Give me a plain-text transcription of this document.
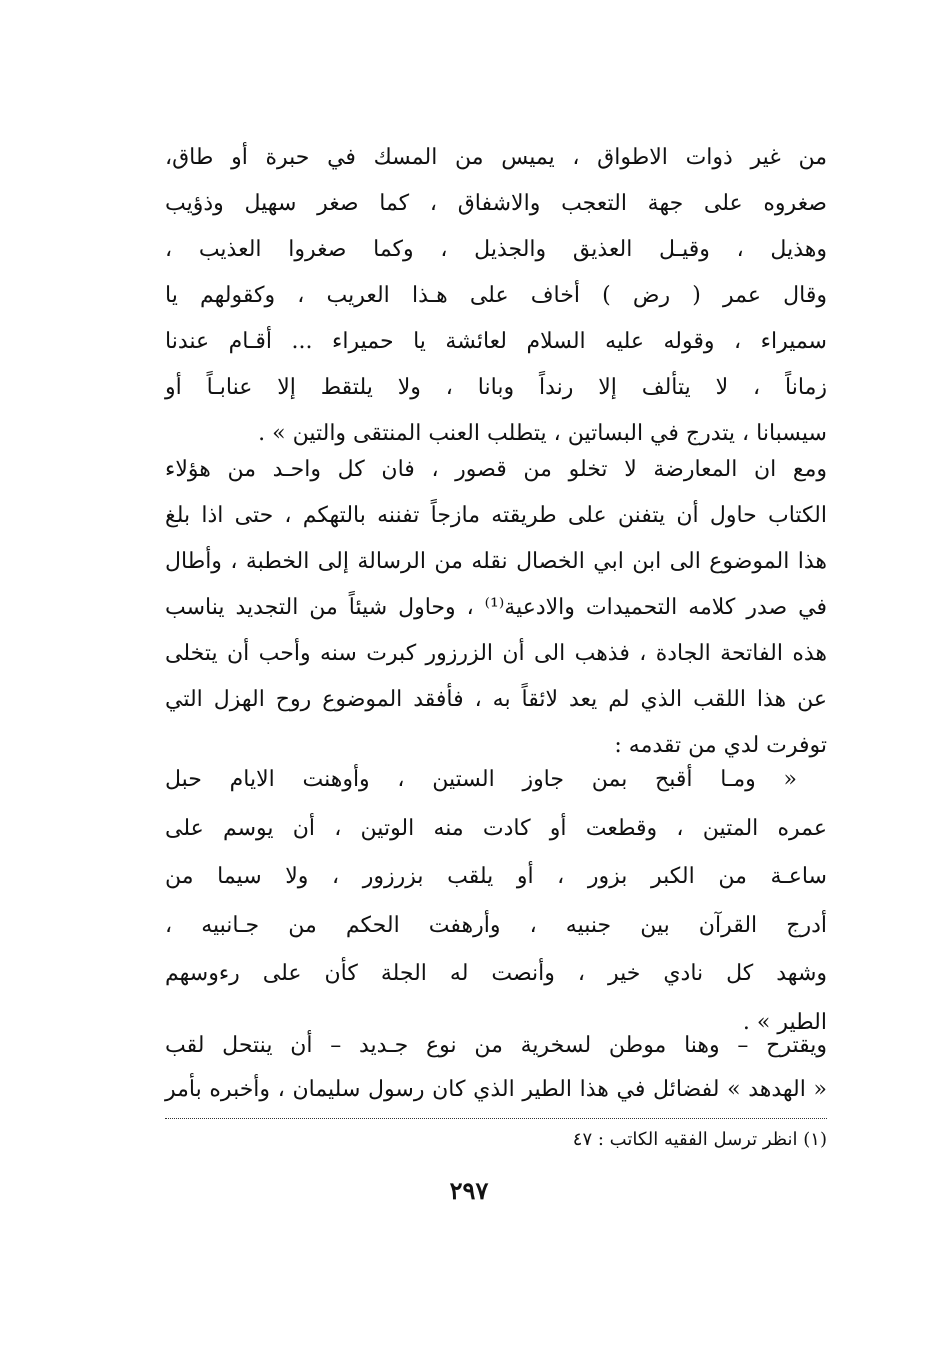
من غير ذوات الاطواق ، يميس من المسك في حبرة أو طاق،
صغروه على جهة التعجب والاشفاق ، كما صغر سهيل وذؤيب
وهذيل ، وقيـل العذيق والجذيل ، وكما صغروا العذيب ،
وقال عمر ( رض ) أخاف على هـذا العريب ، وكقولهم يا
سميراء ، وقوله عليه السلام لعائشة يا حميراء ... أقـام عندنا
زماناً ، لا يتألف إلا رنداً وبانا ، ولا يلتقط إلا عنابـاً أو
سيسبانا ، يتدرج في البساتين ، يتطلب العنب المنتقى والتين » .
ومع ان المعارضة لا تخلو من قصور ، فان كل واحـد من هؤلاء
الكتاب حاول أن يتفنن على طريقته مازجاً تفننه بالتهكم ، حتى اذا بلغ
هذا الموضوع الى ابن ابي الخصال نقله من الرسالة إلى الخطبة ، وأطال
في صدر كلامه التحميدات والادعية⁽¹⁾ ، وحاول شيئاً من التجديد يناسب
هذه الفاتحة الجادة ، فذهب الى أن الزرزور كبرت سنه وأحب أن يتخلى
عن هذا اللقب الذي لم يعد لائقاً به ، فأفقد الموضوع روح الهزل التي
توفرت لدي من تقدمه :
« ومـا أقبح بمن جاوز الستين ، وأوهنت الايام حبل
عمره المتين ، وقطعت أو كادت منه الوتين ، أن يوسم على
ساعـة من الكبر بزور ، أو يلقب بزرزور ، ولا سيما من
أدرج القرآن بين جنبيه ، وأرهفت الحكم من جـانبيه ،
وشهد كل نادي خير ، وأنصت له الجلة كأن على رءوسهم
الطير » .
ويقترح – وهنا موطن لسخرية من نوع جـديد – أن ينتحل لقب
« الهدهد » لفضائل في هذا الطير الذي كان رسول سليمان ، وأخبره بأمر
(١) انظر ترسل الفقيه الكاتب : ٤٧
٢٩٧
